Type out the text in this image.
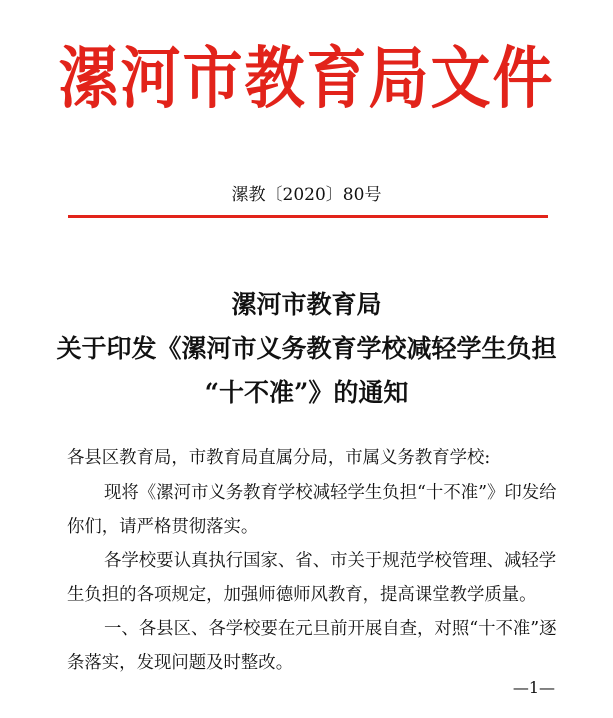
漯河市教育局文件
漯教〔2020〕80号
漯河市教育局
关于印发《漯河市义务教育学校减轻学生负担
“十不准”》的通知
各县区教育局，市教育局直属分局，市属义务教育学校:
现将《漯河市义务教育学校减轻学生负担“十不准”》印发给
你们，请严格贯彻落实。
各学校要认真执行国家、省、市关于规范学校管理、减轻学
生负担的各项规定，加强师德师风教育，提高课堂教学质量。
一、各县区、各学校要在元旦前开展自查，对照“十不准”逐
条落实，发现问题及时整改。
—1—
